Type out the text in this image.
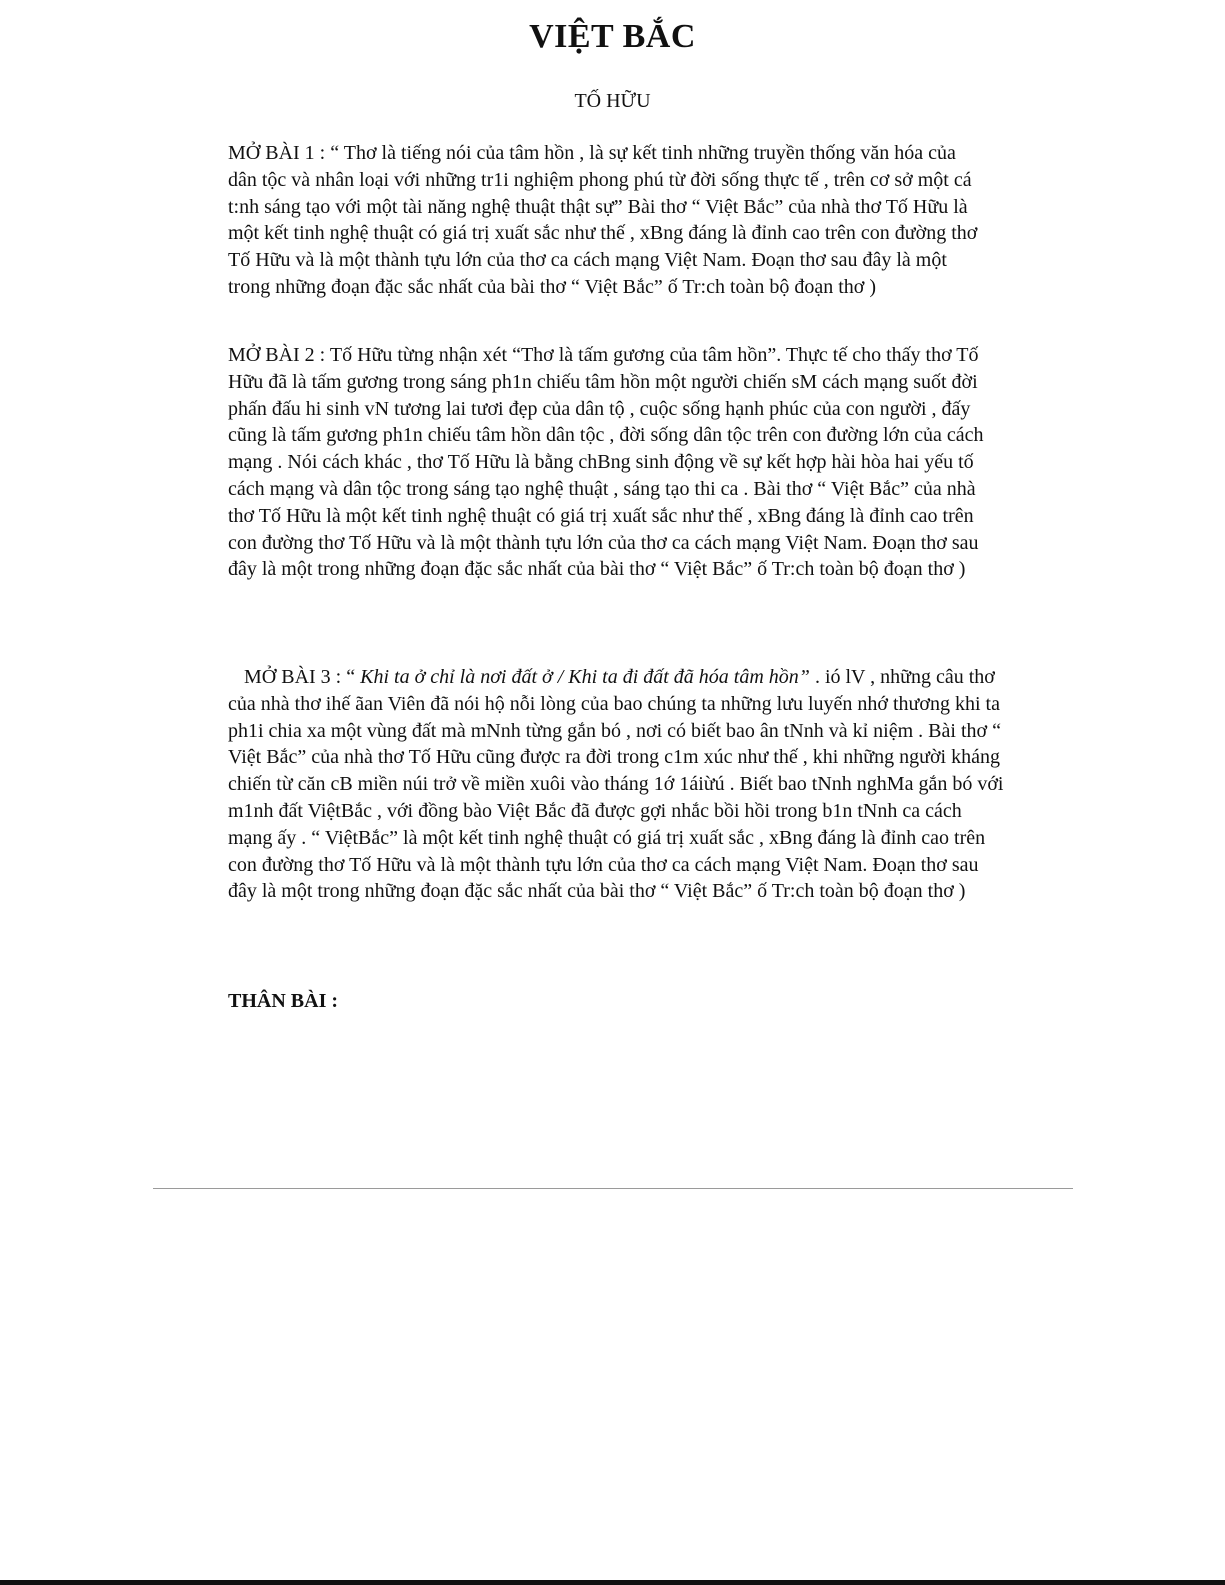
VIỆT BẮC
TỐ HỮU

MỞ BÀI 1 : “ Thơ là tiếng nói của tâm hồn , là sự kết tinh những truyền thống văn hóa của dân tộc và nhân loại với những tr1i nghiệm phong phú từ đời sống thực tế , trên cơ sở một cá t:nh sáng tạo với một tài năng nghệ thuật thật sự” Bài thơ “ Việt Bắc” của nhà thơ Tố Hữu là một kết tinh nghệ thuật có giá trị xuất sắc như thế , xBng đáng là đỉnh cao trên con đường thơ Tố Hữu và là một thành tựu lớn của thơ ca cách mạng Việt Nam. Đoạn thơ sau đây là một trong những đoạn đặc sắc nhất của bài thơ “ Việt Bắc” ố Tr:ch toàn bộ đoạn thơ )

MỞ BÀI 2 : Tố Hữu từng nhận xét “Thơ là tấm gương của tâm hồn”. Thực tế cho thấy thơ Tố Hữu đã là tấm gương trong sáng ph1n chiếu tâm hồn một người chiến sM cách mạng suốt đời phấn đấu hi sinh vN tương lai tươi đẹp của dân tộ , cuộc sống hạnh phúc của con người , đấy cũng là tấm gương ph1n chiếu tâm hồn dân tộc , đời sống dân tộc trên con đường lớn của cách mạng . Nói cách khác , thơ Tố Hữu là bằng chBng sinh động về sự kết hợp hài hòa hai yếu tố cách mạng và dân tộc trong sáng tạo nghệ thuật , sáng tạo thi ca . Bài thơ “ Việt Bắc” của nhà thơ Tố Hữu là một kết tinh nghệ thuật có giá trị xuất sắc như thế , xBng đáng là đỉnh cao trên con đường thơ Tố Hữu và là một thành tựu lớn của thơ ca cách mạng Việt Nam. Đoạn thơ sau đây là một trong những đoạn đặc sắc nhất của bài thơ “ Việt Bắc” ố Tr:ch toàn bộ đoạn thơ )

MỞ BÀI 3 : “ Khi ta ở chỉ là nơi đất ở / Khi ta đi đất đã hóa tâm hồn” . ió lV , những câu thơ của nhà thơ ihế ãan Viên đã nói hộ nỗi lòng của bao chúng ta những lưu luyến nhớ thương khi ta ph1i chia xa một vùng đất mà mNnh từng gắn bó , nơi có biết bao ân tNnh và kỉ niệm . Bài thơ “ Việt Bắc” của nhà thơ Tố Hữu cũng được ra đời trong c1m xúc như thế , khi những người kháng chiến từ căn cB miền núi trở về miền xuôi vào tháng 1ớ 1áiừú . Biết bao tNnh nghMa gắn bó với m1nh đất ViệtBắc , với đồng bào Việt Bắc đã được gợi nhắc bồi hồi trong b1n tNnh ca cách mạng ấy . “ ViệtBắc” là một kết tinh nghệ thuật có giá trị xuất sắc , xBng đáng là đỉnh cao trên con đường thơ Tố Hữu và là một thành tựu lớn của thơ ca cách mạng Việt Nam. Đoạn thơ sau đây là một trong những đoạn đặc sắc nhất của bài thơ “ Việt Bắc” ố Tr:ch toàn bộ đoạn thơ )

THÂN BÀI :
